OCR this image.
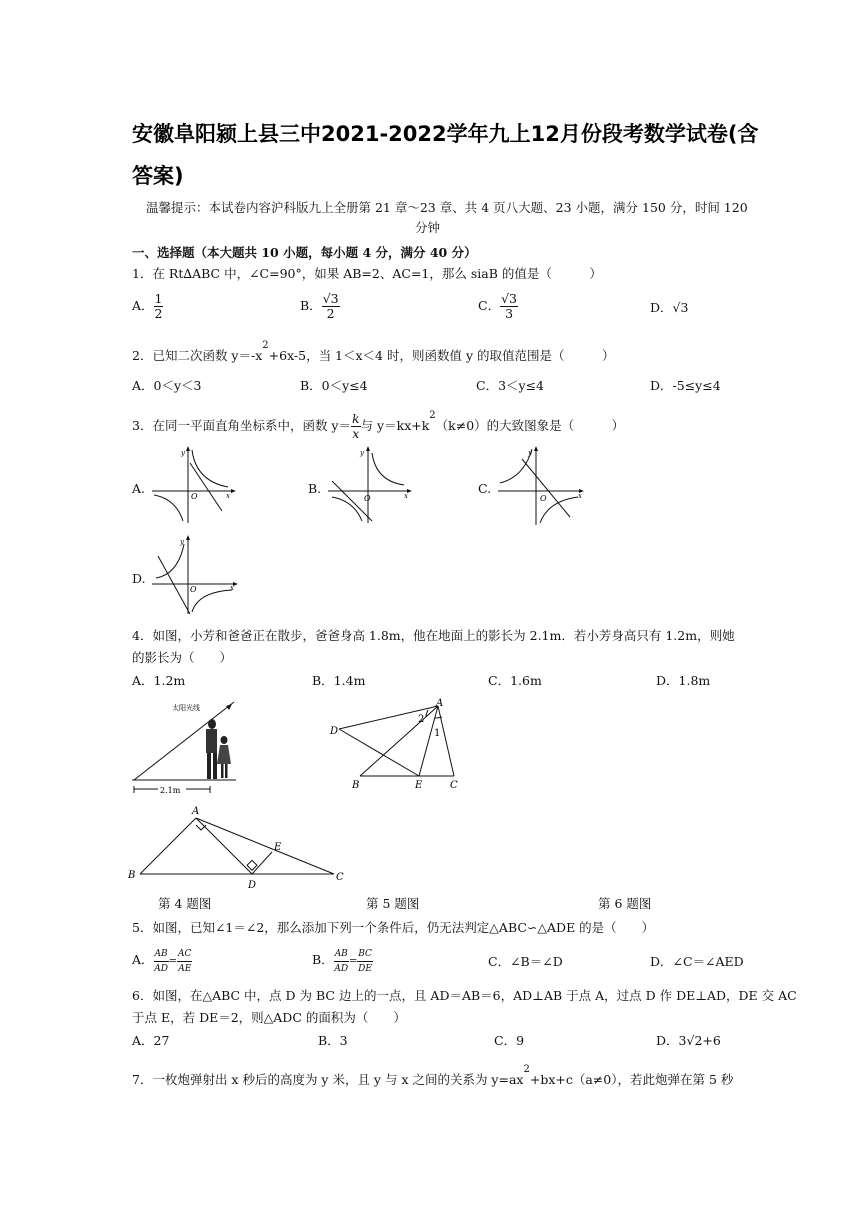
安徽阜阳颍上县三中2021-2022学年九上12月份段考数学试卷(含
答案)
温馨提示：本试卷内容沪科版九上全册第 21 章～23 章、共 4 页八大题、23 小题，满分 150 分，时间 120
分钟
一、选择题（本大题共 10 小题，每小题 4 分，满分 40 分）
1．在 Rt∆ABC 中，∠C=90°，如果 AB=2、AC=1，那么 siaB 的值是（　　　）
A． $\frac{1}{2}$	B． $\frac{√3}{2}$	C． $\frac{√3}{3}$	D．√3
2．已知二次函数 $y=-x^2+6x-5$，当 1＜x＜4 时，则函数值 y 的取值范围是（　　　）
A．0＜y＜3	B．0＜y≤4	C．3＜y≤4	D．-5≤y≤4
3．在同一平面直角坐标系中，函数 $y= \frac{k}{x}$ 与 $y=kx+k^2(k\ne 0)$的大致图象是（　　　）
A.	x
y
O
B.	x
y
O
C.	x
y
O
D.
x
y
O
4．如图，小芳和爸爸正在散步，爸爸身高 1.8m，他在地面上的影长为 2.1m．若小芳身高只有 1.2m，则她
的影长为（　　）
A．1.2m	B．1.4m	C．1.6m	D．1.8m
太阳光线
2.1m
D
A
2
1
B	E	C
A
B
D
E
C
第 4 题图	第 5 题图	第 6 题图
5．如图，已知∠1＝∠2，那么添加下列一个条件后，仍无法判定△ABC∽△ADE 的是（　　）
A． $\frac{AB}{AD} = \frac{AC}{AE}$	B． $\frac{AB}{AD} = \frac{BC}{DE}$	C．∠B＝∠D	D．∠C＝∠AED
6．如图，在△ABC 中，点 D 为 BC 边上的一点，且 AD＝AB＝6，AD⊥AB 于点 A，过点 D 作 DE⊥AD，DE 交 AC
于点 E，若 DE＝2，则△ADC 的面积为（　　）
A．27	B．3	C．9	D．3√2+6
7．一枚炮弹射出 x 秒后的高度为 y 米，且 y 与 x 之间的关系为 $y=ax^2+bx+c(a\ne 0)$，若此炮弹在第 5 秒
